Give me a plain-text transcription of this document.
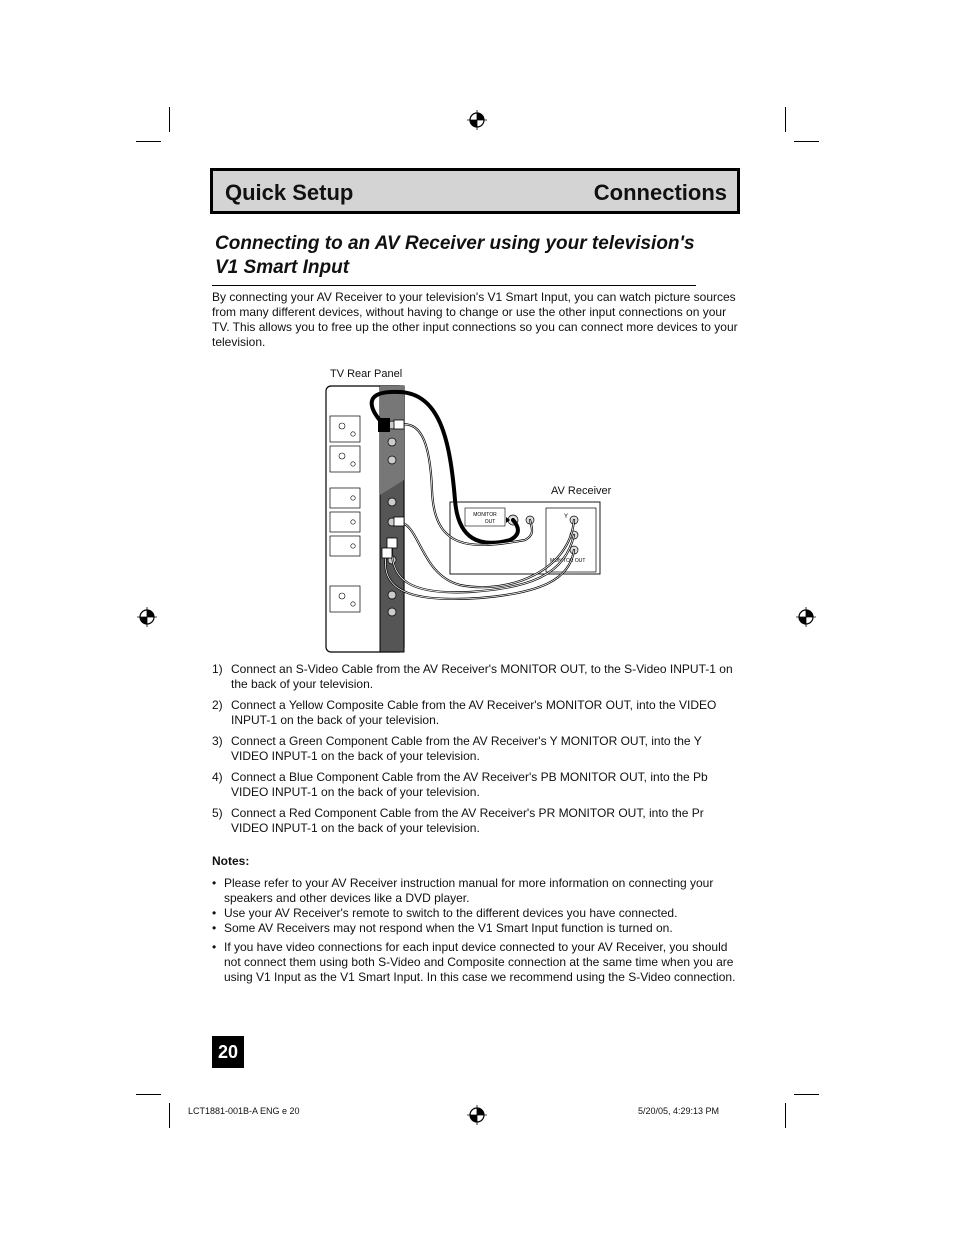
Quick Setup	Connections
Connecting to an AV Receiver using your television's
V1 Smart Input
By connecting your AV Receiver to your television's V1 Smart Input, you can watch picture sources from many different devices, without having to change or use the other input connections on your TV. This allows you to free up the other input connections so you can connect more devices to your television.
TV Rear Panel
AV Receiver
MONITOR
OUT
Y
MONITOR OUT
1) Connect an S-Video Cable from the AV Receiver's MONITOR OUT, to the S-Video INPUT-1 on the back of your television.
2) Connect a Yellow Composite Cable from the AV Receiver's MONITOR OUT, into the VIDEO INPUT-1 on the back of your television.
3) Connect a Green Component Cable from the AV Receiver's Y MONITOR OUT, into the Y VIDEO INPUT-1 on the back of your television.
4) Connect a Blue Component Cable from the AV Receiver's PB MONITOR OUT, into the Pb VIDEO INPUT-1 on the back of your television.
5) Connect a Red Component Cable from the AV Receiver's PR MONITOR OUT, into the Pr VIDEO INPUT-1 on the back of your television.
Notes:
• Please refer to your AV Receiver instruction manual for more information on connecting your speakers and other devices like a DVD player.
• Use your AV Receiver's remote to switch to the different devices you have connected.
• Some AV Receivers may not respond when the V1 Smart Input function is turned on.
• If you have video connections for each input device connected to your AV Receiver, you should not connect them using both S-Video and Composite connection at the same time when you are using V1 Input as the V1 Smart Input. In this case we recommend using the S-Video connection.
20
LCT1881-001B-A ENG e 20	5/20/05, 4:29:13 PM
